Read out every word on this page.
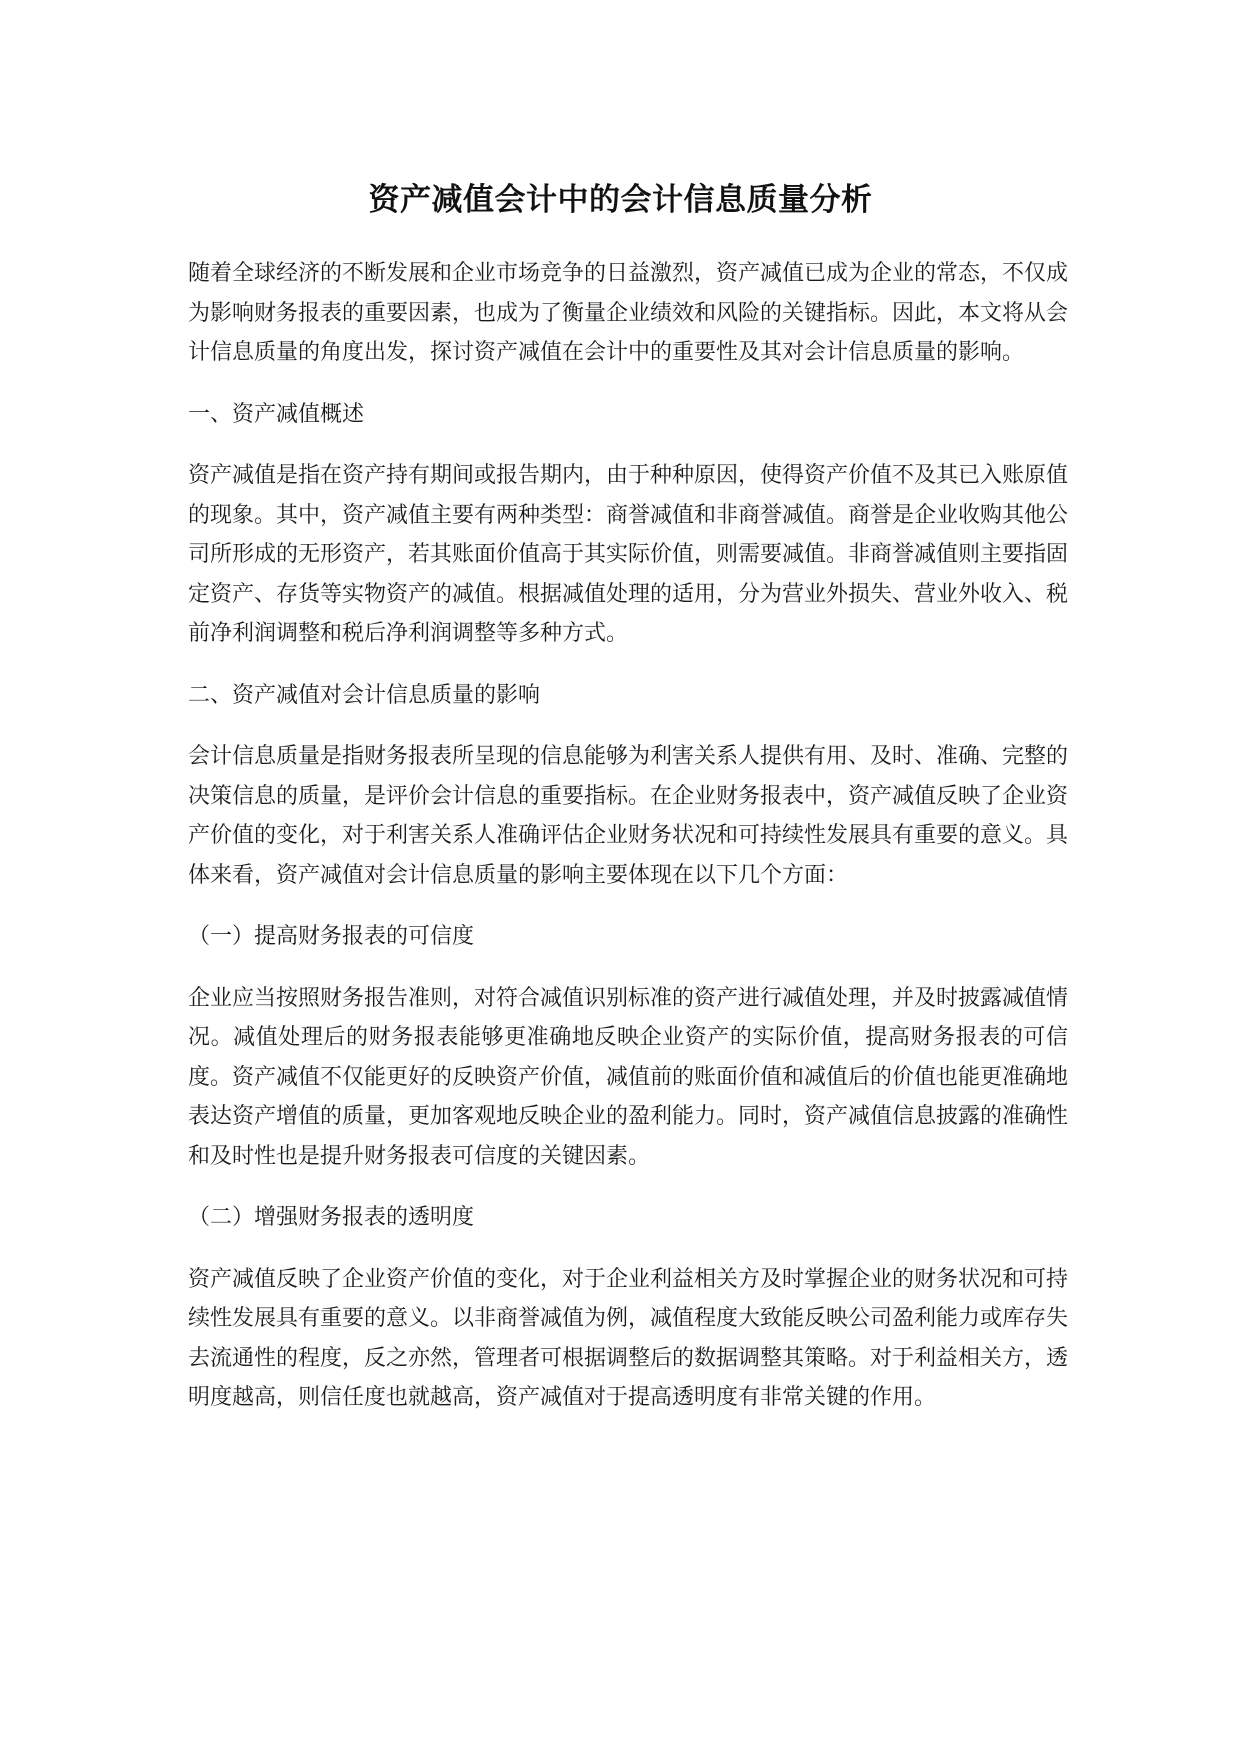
资产减值会计中的会计信息质量分析

随着全球经济的不断发展和企业市场竞争的日益激烈，资产减值已成为企业的常态，不仅成为影响财务报表的重要因素，也成为了衡量企业绩效和风险的关键指标。因此，本文将从会计信息质量的角度出发，探讨资产减值在会计中的重要性及其对会计信息质量的影响。

一、资产减值概述

资产减值是指在资产持有期间或报告期内，由于种种原因，使得资产价值不及其已入账原值的现象。其中，资产减值主要有两种类型：商誉减值和非商誉减值。商誉是企业收购其他公司所形成的无形资产，若其账面价值高于其实际价值，则需要减值。非商誉减值则主要指固定资产、存货等实物资产的减值。根据减值处理的适用，分为营业外损失、营业外收入、税前净利润调整和税后净利润调整等多种方式。

二、资产减值对会计信息质量的影响

会计信息质量是指财务报表所呈现的信息能够为利害关系人提供有用、及时、准确、完整的决策信息的质量，是评价会计信息的重要指标。在企业财务报表中，资产减值反映了企业资产价值的变化，对于利害关系人准确评估企业财务状况和可持续性发展具有重要的意义。具体来看，资产减值对会计信息质量的影响主要体现在以下几个方面：

（一）提高财务报表的可信度

企业应当按照财务报告准则，对符合减值识别标准的资产进行减值处理，并及时披露减值情况。减值处理后的财务报表能够更准确地反映企业资产的实际价值，提高财务报表的可信度。资产减值不仅能更好的反映资产价值，减值前的账面价值和减值后的价值也能更准确地表达资产增值的质量，更加客观地反映企业的盈利能力。同时，资产减值信息披露的准确性和及时性也是提升财务报表可信度的关键因素。

（二）增强财务报表的透明度

资产减值反映了企业资产价值的变化，对于企业利益相关方及时掌握企业的财务状况和可持续性发展具有重要的意义。以非商誉减值为例，减值程度大致能反映公司盈利能力或库存失去流通性的程度，反之亦然，管理者可根据调整后的数据调整其策略。对于利益相关方，透明度越高，则信任度也就越高，资产减值对于提高透明度有非常关键的作用。
